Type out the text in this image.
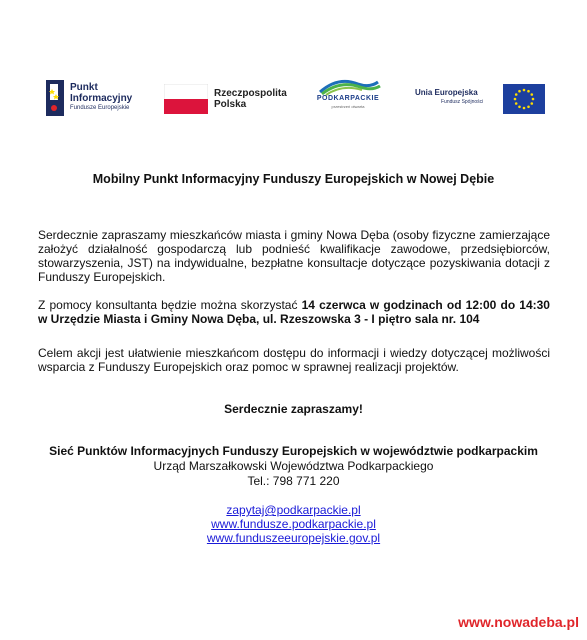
Punkt
Informacyjny
Fundusze Europejskie
Rzeczpospolita
Polska
PODKARPACKIE
przestrzeń otwarta
Unia Europejska
Fundusz Spójności
Mobilny Punkt Informacyjny Funduszy Europejskich w Nowej Dębie
Serdecznie zapraszamy mieszkańców miasta i gminy Nowa Dęba (osoby fizyczne zamierzające założyć działalność gospodarczą lub podnieść kwalifikacje zawodowe, przedsiębiorców, stowarzyszenia, JST) na indywidualne, bezpłatne konsultacje dotyczące pozyskiwania dotacji z Funduszy Europejskich.
Z pomocy konsultanta będzie można skorzystać 14 czerwca w godzinach od 12:00 do 14:30 w Urzędzie Miasta i Gminy Nowa Dęba, ul. Rzeszowska 3 - I piętro sala nr. 104
Celem akcji jest ułatwienie mieszkańcom dostępu do informacji i wiedzy dotyczącej możliwości wsparcia z Funduszy Europejskich oraz pomoc w sprawnej realizacji projektów.
Serdecznie zapraszamy!
Sieć Punktów Informacyjnych Funduszy Europejskich w województwie podkarpackim
Urząd Marszałkowski Województwa Podkarpackiego
Tel.: 798 771 220
zapytaj@podkarpackie.pl
www.fundusze.podkarpackie.pl
www.funduszeeuropejskie.gov.pl
www.nowadeba.pl
